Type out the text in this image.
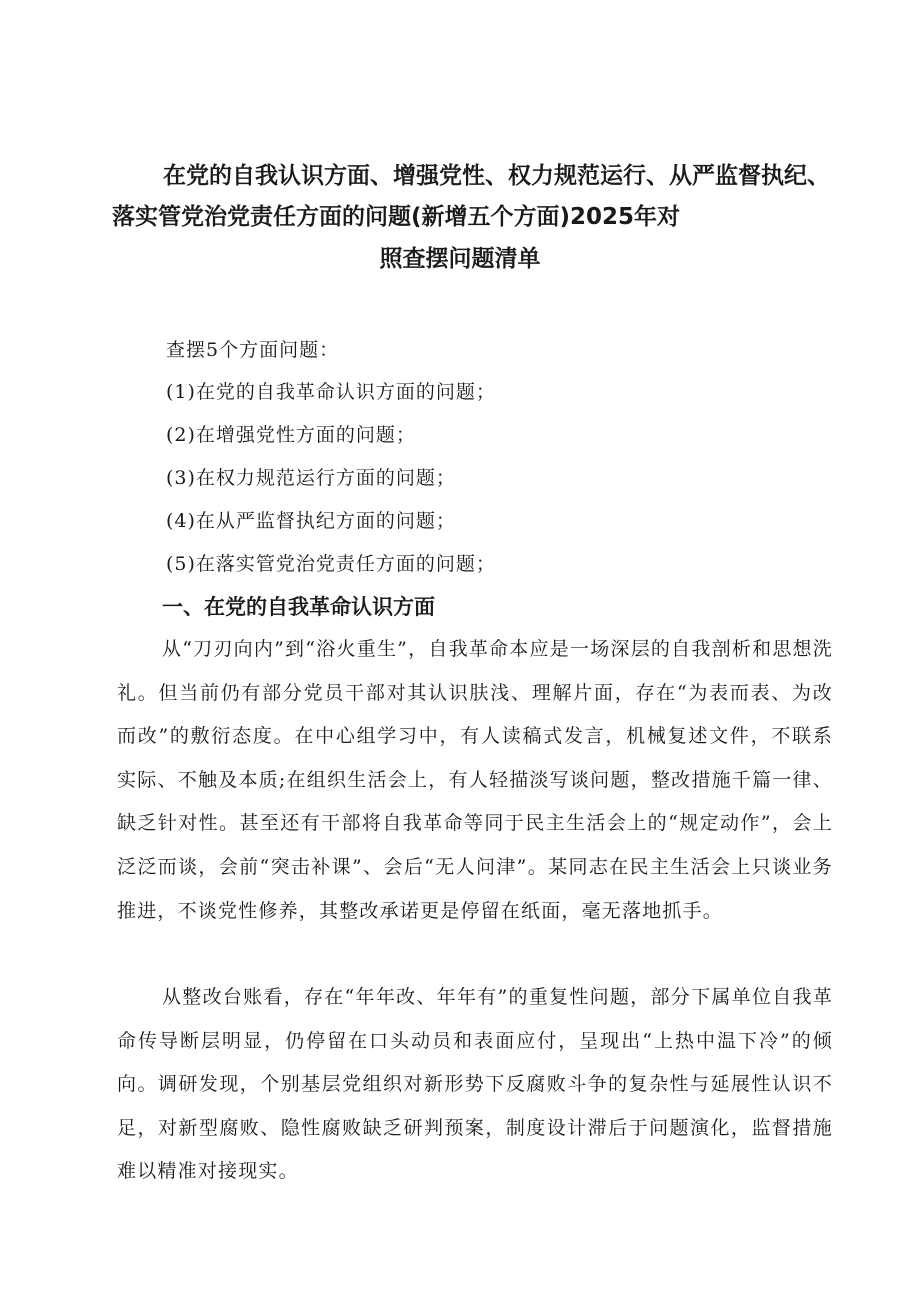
在党的自我认识方面、增强党性、权力规范运行、从严监督执纪、
落实管党治党责任方面的问题(新增五个方面)2025年对
照查摆问题清单
查摆5个方面问题：
(1)在党的自我革命认识方面的问题；
(2)在增强党性方面的问题；
(3)在权力规范运行方面的问题；
(4)在从严监督执纪方面的问题；
(5)在落实管党治党责任方面的问题；
一、在党的自我革命认识方面

从“刀刃向内”到“浴火重生”，自我革命本应是一场深层的自我剖析和思想洗礼。但当前仍有部分党员干部对其认识肤浅、理解片面，存在“为表而表、为改而改”的敷衍态度。在中心组学习中，有人读稿式发言，机械复述文件，不联系实际、不触及本质;在组织生活会上，有人轻描淡写谈问题，整改措施千篇一律、缺乏针对性。甚至还有干部将自我革命等同于民主生活会上的“规定动作”，会上泛泛而谈，会前“突击补课”、会后“无人问津”。某同志在民主生活会上只谈业务推进，不谈党性修养，其整改承诺更是停留在纸面，毫无落地抓手。

从整改台账看，存在“年年改、年年有”的重复性问题，部分下属单位自我革命传导断层明显，仍停留在口头动员和表面应付，呈现出“上热中温下冷”的倾向。调研发现，个别基层党组织对新形势下反腐败斗争的复杂性与延展性认识不足，对新型腐败、隐性腐败缺乏研判预案，制度设计滞后于问题演化，监督措施难以精准对接现实。
